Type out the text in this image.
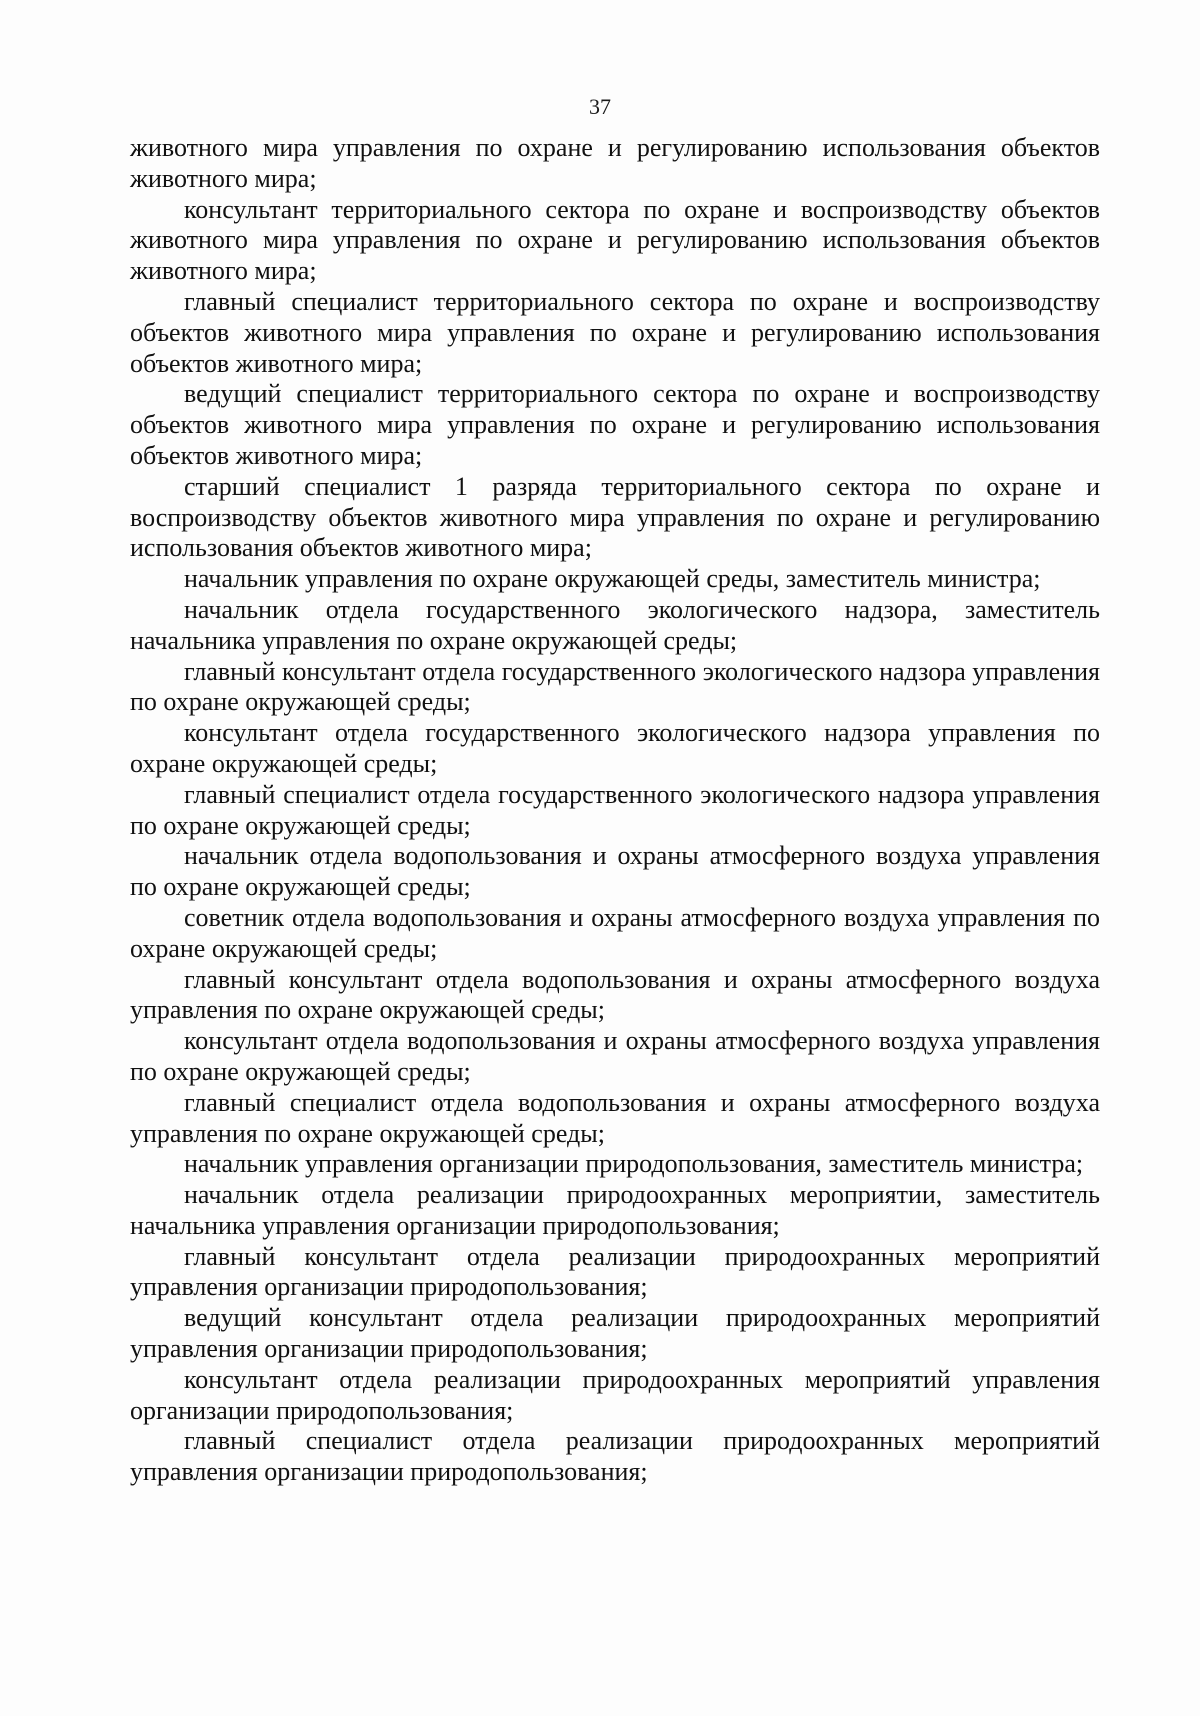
37

животного мира управления по охране и регулированию использования объектов животного мира;

консультант территориального сектора по охране и воспроизводству объектов животного мира управления по охране и регулированию использования объектов животного мира;

главный специалист территориального сектора по охране и воспроизводству объектов животного мира управления по охране и регулированию использования объектов животного мира;

ведущий специалист территориального сектора по охране и воспроизводству объектов животного мира управления по охране и регулированию использования объектов животного мира;

старший специалист 1 разряда территориального сектора по охране и воспроизводству объектов животного мира управления по охране и регулированию использования объектов животного мира;

начальник управления по охране окружающей среды, заместитель министра;

начальник отдела государственного экологического надзора, заместитель начальника управления по охране окружающей среды;

главный консультант отдела государственного экологического надзора управления по охране окружающей среды;

консультант отдела государственного экологического надзора управления по охране окружающей среды;

главный специалист отдела государственного экологического надзора управления по охране окружающей среды;

начальник отдела водопользования и охраны атмосферного воздуха управления по охране окружающей среды;

советник отдела водопользования и охраны атмосферного воздуха управления по охране окружающей среды;

главный консультант отдела водопользования и охраны атмосферного воздуха управления по охране окружающей среды;

консультант отдела водопользования и охраны атмосферного воздуха управления по охране окружающей среды;

главный специалист отдела водопользования и охраны атмосферного воздуха управления по охране окружающей среды;

начальник управления организации природопользования, заместитель министра;

начальник отдела реализации природоохранных мероприятии, заместитель начальника управления организации природопользования;

главный консультант отдела реализации природоохранных мероприятий управления организации природопользования;

ведущий консультант отдела реализации природоохранных мероприятий управления организации природопользования;

консультант отдела реализации природоохранных мероприятий управления организации природопользования;

главный специалист отдела реализации природоохранных мероприятий управления организации природопользования;
